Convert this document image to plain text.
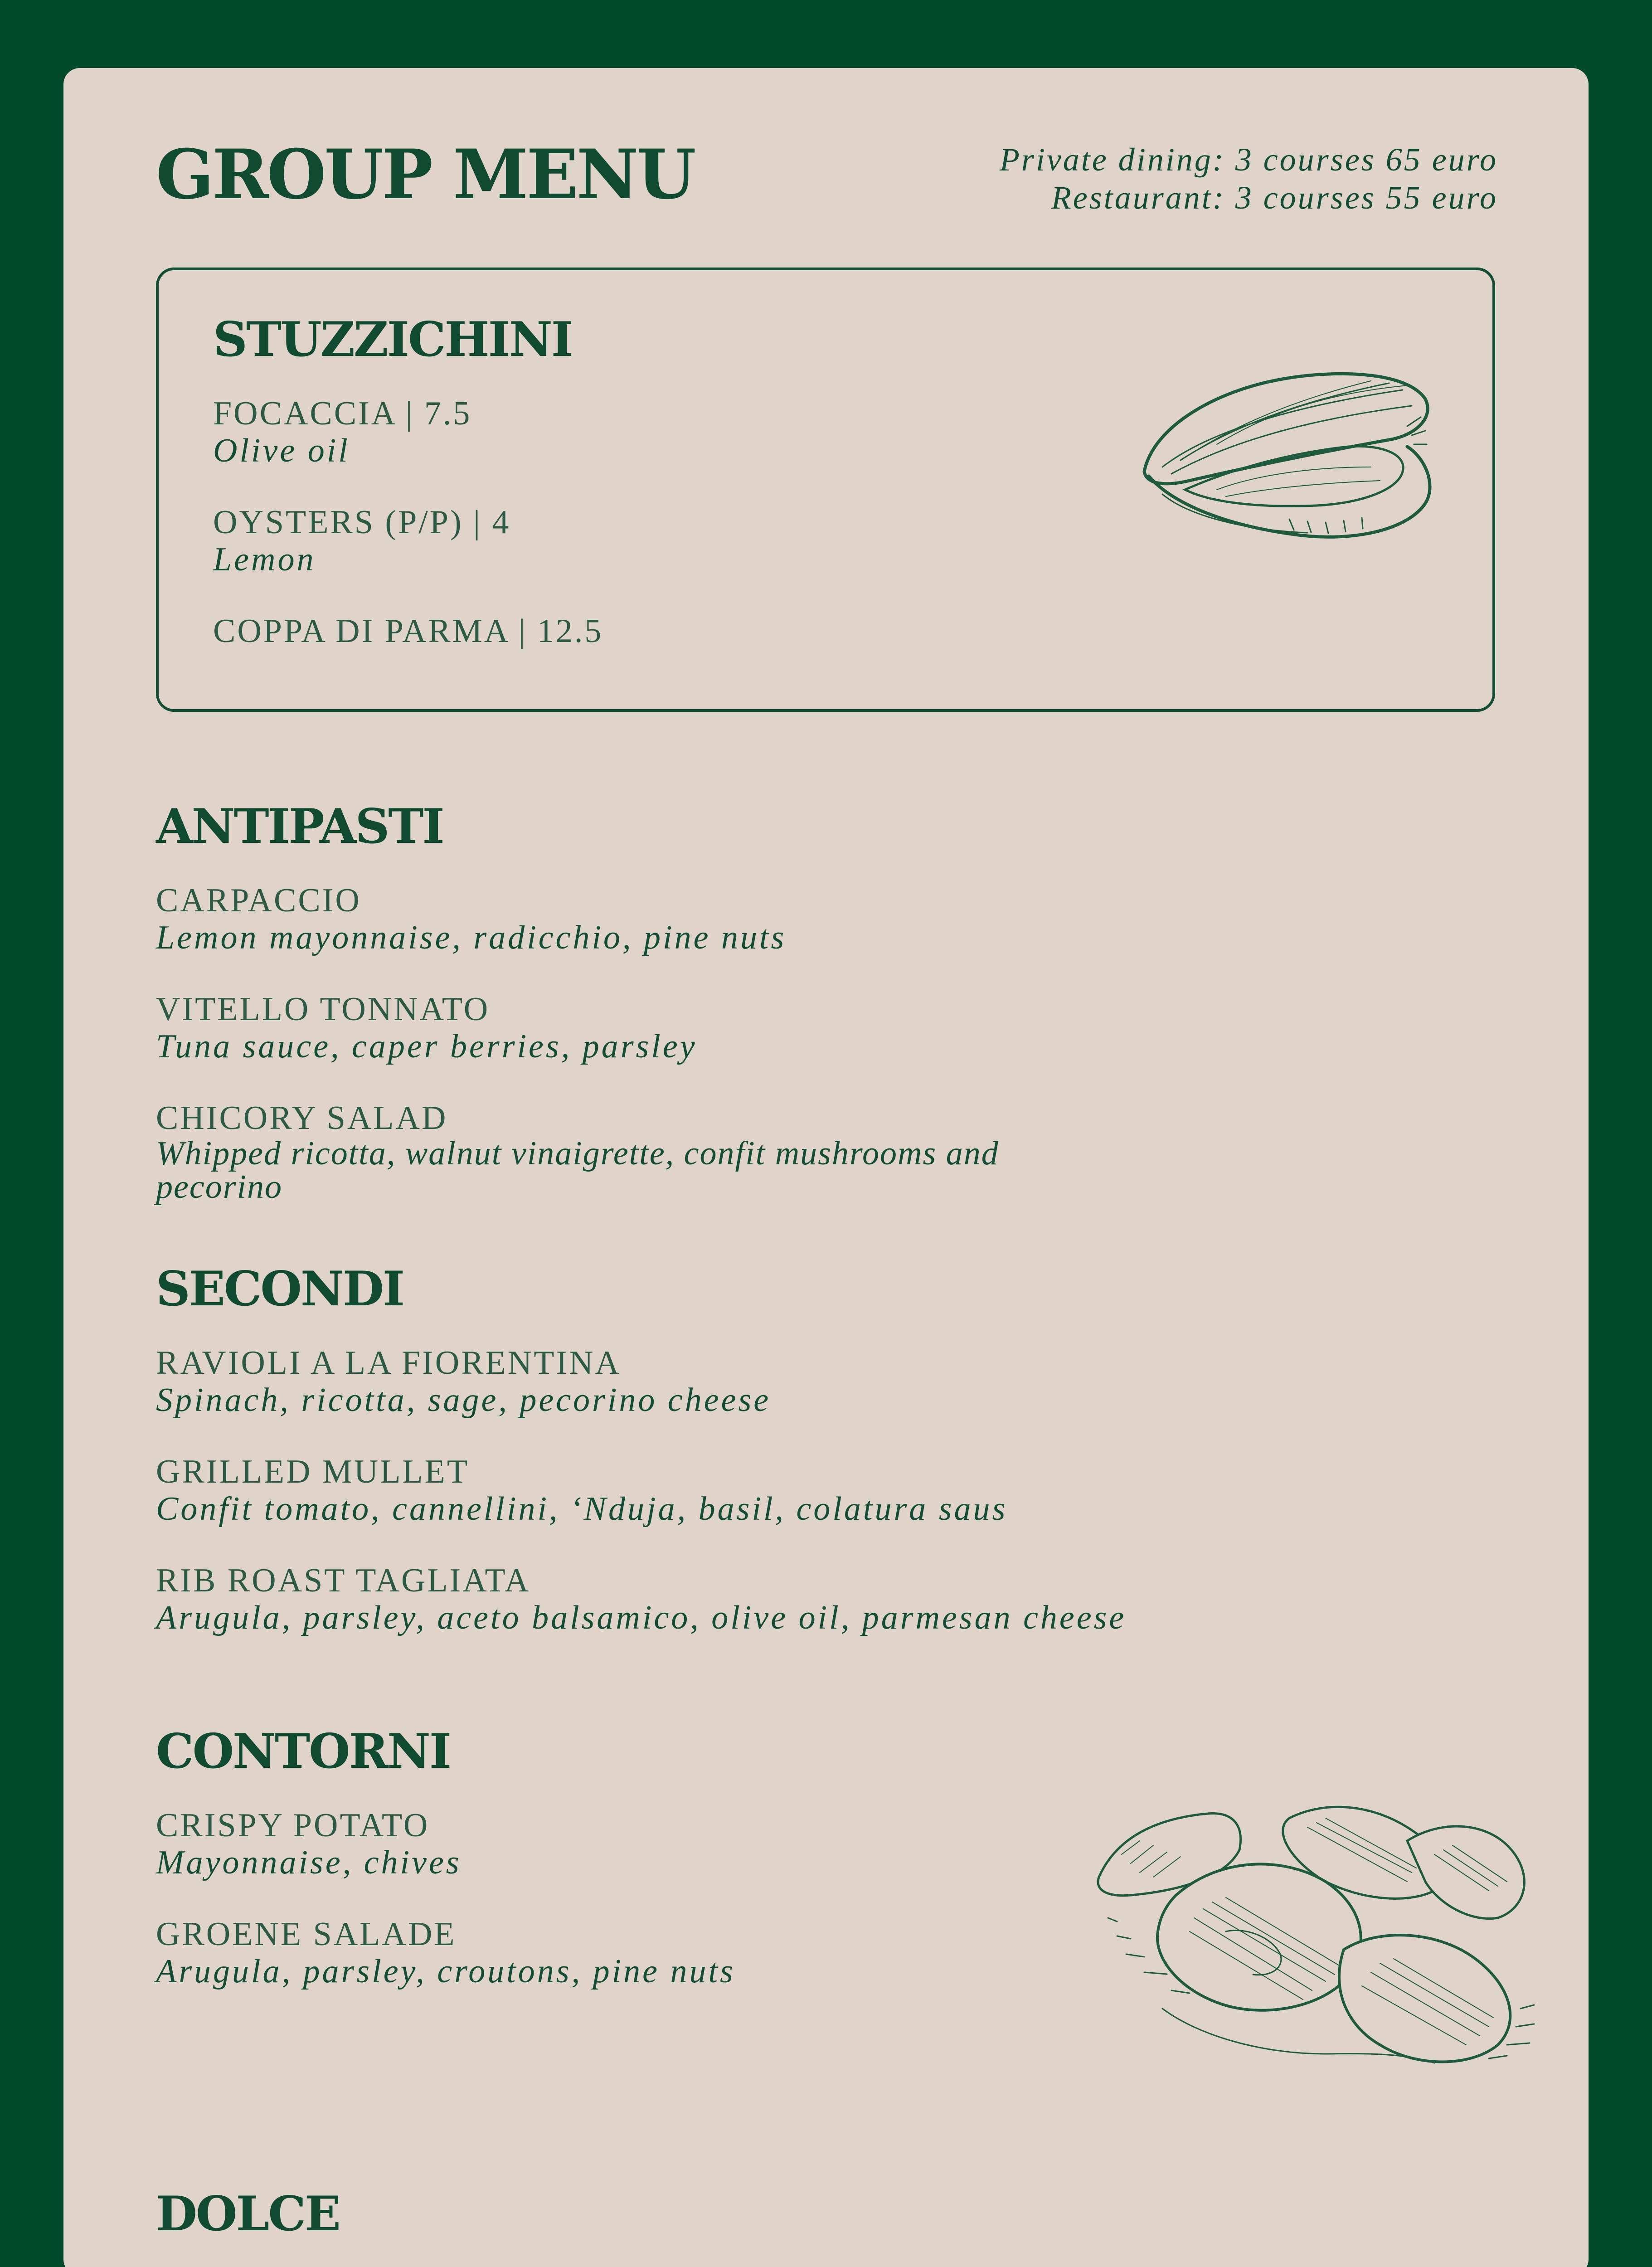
GROUP MENU	Private dining: 3 courses 65 euro
Restaurant: 3 courses 55 euro
STUZZICHINI
FOCACCIA | 7.5
Olive oil
OYSTERS (P/P) | 4
Lemon
COPPA DI PARMA | 12.5
ANTIPASTI
CARPACCIO
Lemon mayonnaise, radicchio, pine nuts
VITELLO TONNATO
Tuna sauce, caper berries, parsley
CHICORY SALAD
Whipped ricotta, walnut vinaigrette, confit mushrooms and pecorino
SECONDI
RAVIOLI A LA FIORENTINA
Spinach, ricotta, sage, pecorino cheese
GRILLED MULLET
Confit tomato, cannellini, ‘Nduja, basil, colatura saus
RIB ROAST TAGLIATA
Arugula, parsley, aceto balsamico, olive oil, parmesan cheese
CONTORNI
CRISPY POTATO
Mayonnaise, chives
GROENE SALADE
Arugula, parsley, croutons, pine nuts
DOLCE
